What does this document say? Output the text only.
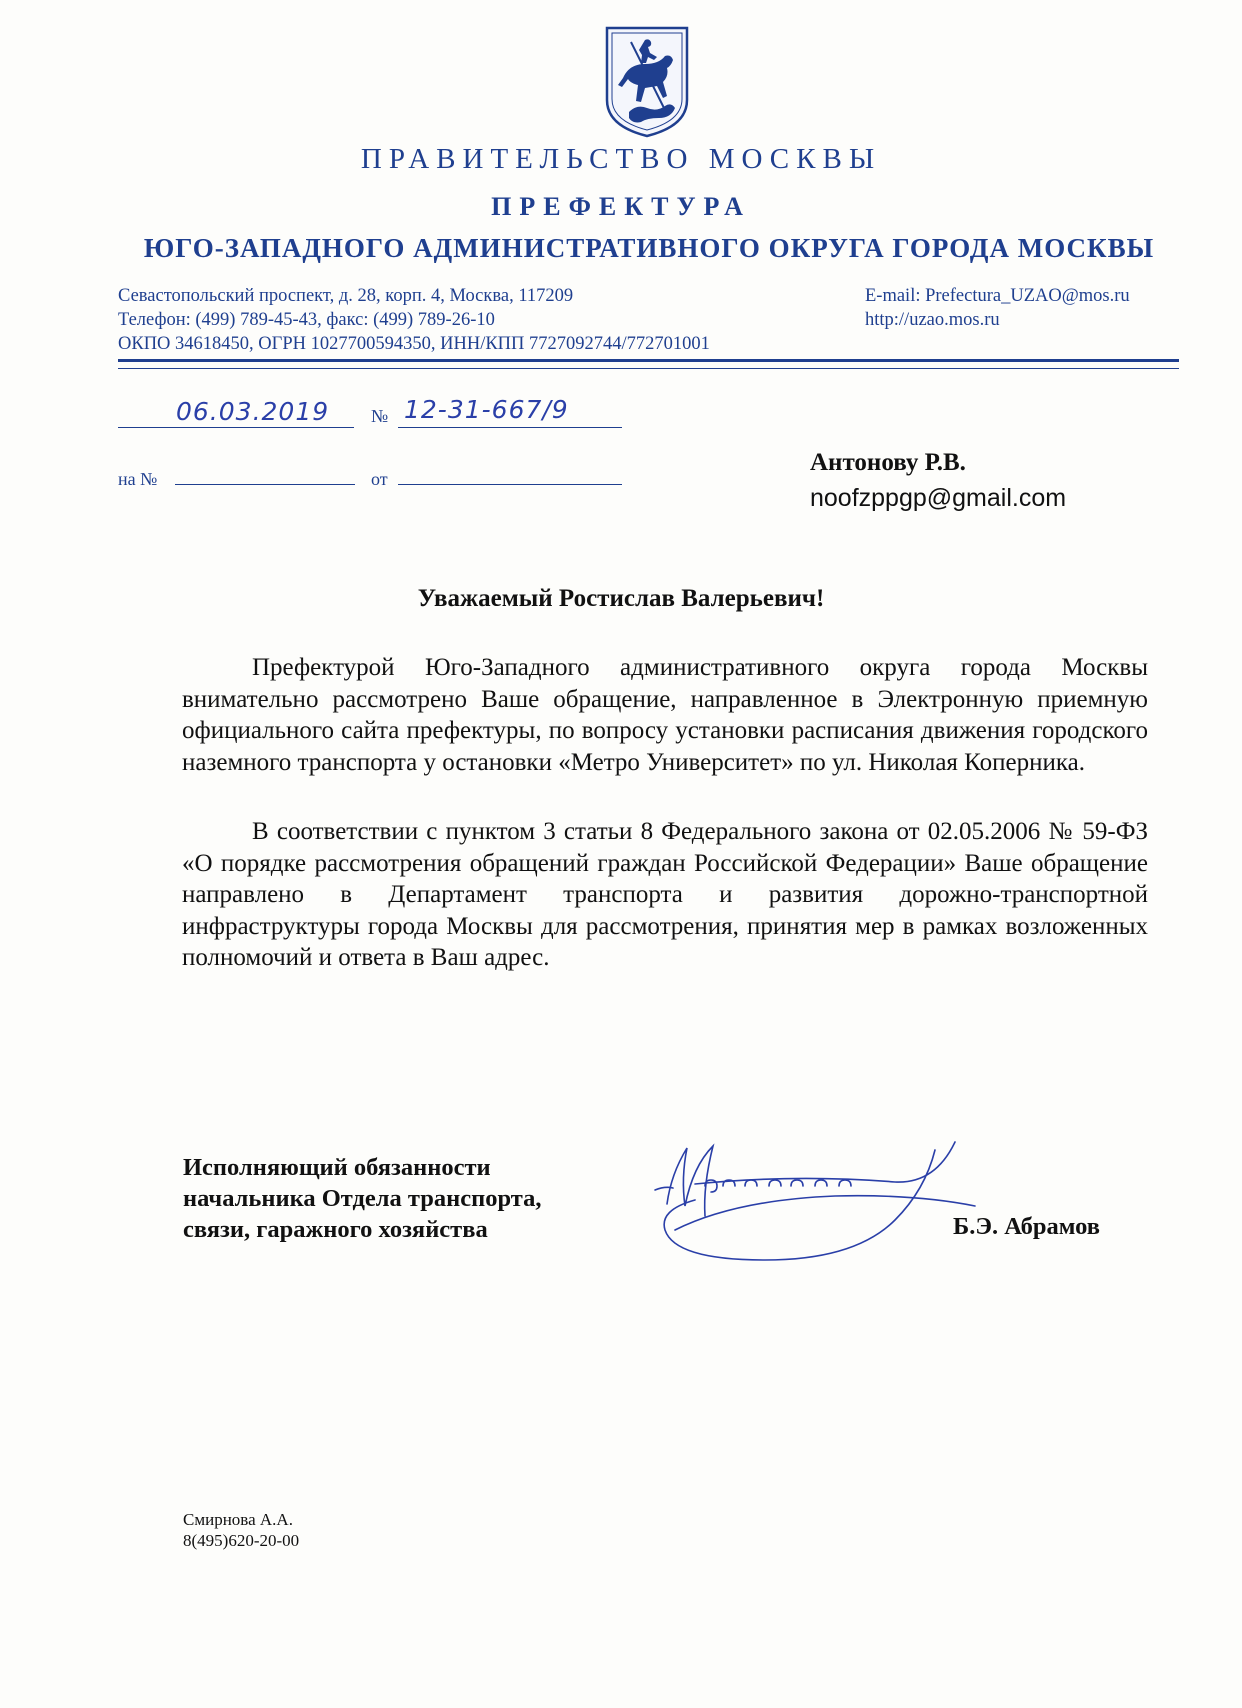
ПРАВИТЕЛЬСТВО МОСКВЫ
ПРЕФЕКТУРА
ЮГО-ЗАПАДНОГО АДМИНИСТРАТИВНОГО ОКРУГА ГОРОДА МОСКВЫ
Севастопольский проспект, д. 28, корп. 4, Москва, 117209
Телефон: (499) 789-45-43, факс: (499) 789-26-10
ОКПО 34618450, ОГРН 1027700594350, ИНН/КПП 7727092744/772701001
E-mail: Prefectura_UZAO@mos.ru
http://uzao.mos.ru
06.03.2019 № 12-31-667/9
на №	от
Антонову Р.В.
noofzppgp@gmail.com
Уважаемый Ростислав Валерьевич!
Префектурой Юго-Западного административного округа города Москвы внимательно рассмотрено Ваше обращение, направленное в Электронную приемную официального сайта префектуры, по вопросу установки расписания движения городского наземного транспорта у остановки «Метро Университет» по ул. Николая Коперника.
В соответствии с пунктом 3 статьи 8 Федерального закона от 02.05.2006 № 59-ФЗ «О порядке рассмотрения обращений граждан Российской Федерации» Ваше обращение направлено в Департамент транспорта и развития дорожно-транспортной инфраструктуры города Москвы для рассмотрения, принятия мер в рамках возложенных полномочий и ответа в Ваш адрес.
Исполняющий обязанности
начальника Отдела транспорта,
связи, гаражного хозяйства	Б.Э. Абрамов
Смирнова А.А.
8(495)620-20-00
